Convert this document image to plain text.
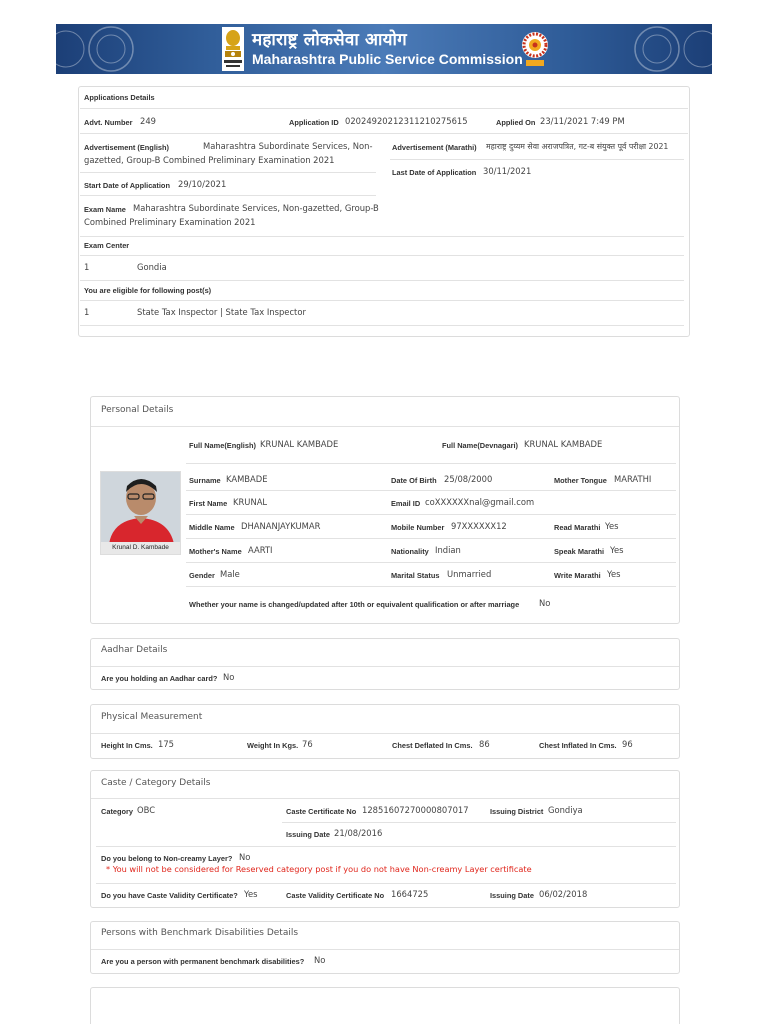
महाराष्ट्र लोकसेवा आयोग
Maharashtra Public Service Commission
Applications Details
Advt. Number 249	Application ID 02024920212311210275615	Applied On 23/11/2021 7:49 PM
Advertisement (English)	Maharashtra Subordinate Services, Non-
gazetted, Group-B Combined Preliminary Examination 2021
Advertisement (Marathi) महाराष्ट्र दुय्यम सेवा अराजपत्रित, गट-ब संयुक्त पूर्व परीक्षा 2021
Last Date of Application 30/11/2021
Start Date of Application 29/10/2021
Exam Name Maharashtra Subordinate Services, Non-gazetted, Group-B
Combined Preliminary Examination 2021
Exam Center
1	Gondia
You are eligible for following post(s)
1	State Tax Inspector | State Tax Inspector
Personal Details
Full Name(English) KRUNAL KAMBADE	Full Name(Devnagari) KRUNAL KAMBADE
Krunal D. Kambade
Surname KAMBADE	Date Of Birth 25/08/2000	Mother Tongue MARATHI
First Name KRUNAL	Email ID coXXXXXXnal@gmail.com
Middle Name DHANANJAYKUMAR	Mobile Number 97XXXXXX12	Read Marathi Yes
Mother's Name AARTI	Nationality Indian	Speak Marathi Yes
Gender Male	Marital Status Unmarried	Write Marathi Yes
Whether your name is changed/updated after 10th or equivalent qualification or after marriage No
Aadhar Details
Are you holding an Aadhar card? No
Physical Measurement
Height In Cms. 175	Weight In Kgs. 76	Chest Deflated In Cms. 86	Chest Inflated In Cms. 96
Caste / Category Details
Category OBC	Caste Certificate No 12851607270000807017	Issuing District Gondiya
Issuing Date 21/08/2016
Do you belong to Non-creamy Layer? No
* You will not be considered for Reserved category post if you do not have Non-creamy Layer certificate
Do you have Caste Validity Certificate? Yes	Caste Validity Certificate No 1664725	Issuing Date 06/02/2018
Persons with Benchmark Disabilities Details
Are you a person with permanent benchmark disabilities? No
